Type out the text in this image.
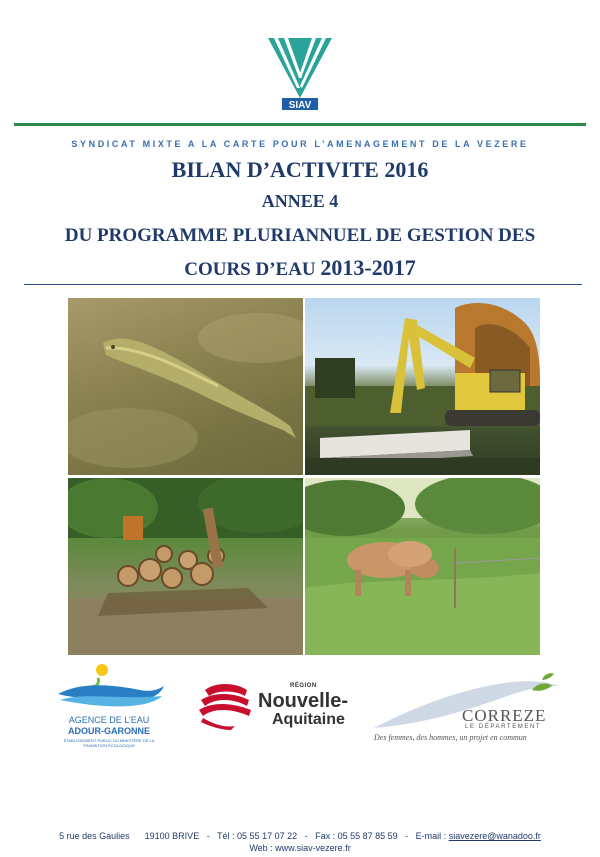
SIAV
SYNDICAT MIXTE A LA CARTE POUR L’AMENAGEMENT DE LA VEZERE
BILAN D’ACTIVITE 2016
ANNEE 4
DU PROGRAMME PLURIANNUEL DE GESTION DES
COURS D’EAU 2013-2017
AGENCE DE L’EAU
ADOUR-GARONNE
ÉTABLISSEMENT PUBLIC DU MINISTÈRE DE LA TRANSITION ÉCOLOGIQUE
RÉGION
Nouvelle-
Aquitaine	CORREZE
LE DÉPARTEMENT
Des femmes, des hommes, un projet en commun
5 rue des Gaulies 19100 BRIVE   -   Tél : 05 55 17 07 22   -   Fax : 05 55 87 85 59   -   E-mail : siavezere@wanadoo.fr
Web : www.siav-vezere.fr
